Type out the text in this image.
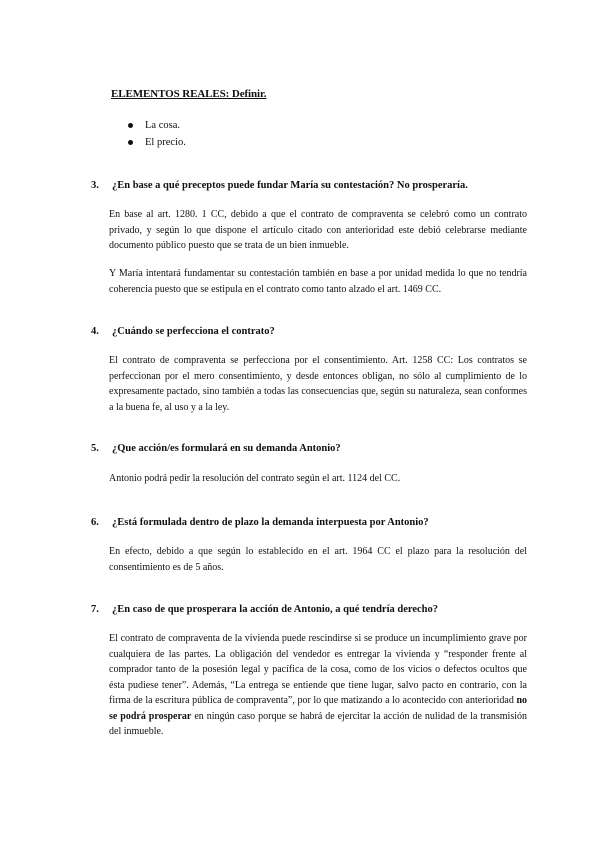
ELEMENTOS REALES: Definir.
La cosa.
El precio.
3. ¿En base a qué preceptos puede fundar María su contestación? No prosperaría.

En base al art. 1280. 1 CC, debido a que el contrato de compraventa se celebró como un contrato privado, y según lo que dispone el artículo citado con anterioridad este debió celebrarse mediante documento público puesto que se trata de un bien inmueble.

Y María intentará fundamentar su contestación también en base a por unidad medida lo que no tendría coherencia puesto que se estipula en el contrato como tanto alzado el art. 1469 CC.

4. ¿Cuándo se perfecciona el contrato?

El contrato de compraventa se perfecciona por el consentimiento. Art. 1258 CC: Los contratos se perfeccionan por el mero consentimiento, y desde entonces obligan, no sólo al cumplimiento de lo expresamente pactado, sino también a todas las consecuencias que, según su naturaleza, sean conformes a la buena fe, al uso y a la ley.

5. ¿Que acción/es formulará en su demanda Antonio?

Antonio podrá pedir la resolución del contrato según el art. 1124 del CC.

6. ¿Está formulada dentro de plazo la demanda interpuesta por Antonio?

En efecto, debido a que según lo establecido en el art. 1964 CC el plazo para la resolución del consentimiento es de 5 años.

7. ¿En caso de que prosperara la acción de Antonio, a qué tendría derecho?

El contrato de compraventa de la vivienda puede rescindirse si se produce un incumplimiento grave por cualquiera de las partes. La obligación del vendedor es entregar la vivienda y “responder frente al comprador tanto de la posesión legal y pacífica de la cosa, como de los vicios o defectos ocultos que ésta pudiese tener”. Además, “La entrega se entiende que tiene lugar, salvo pacto en contrario, con la firma de la escritura pública de compraventa”, por lo que matizando a lo acontecido con anterioridad no se podrá prosperar en ningún caso porque se habrá de ejercitar la acción de nulidad de la transmisión del inmueble.
